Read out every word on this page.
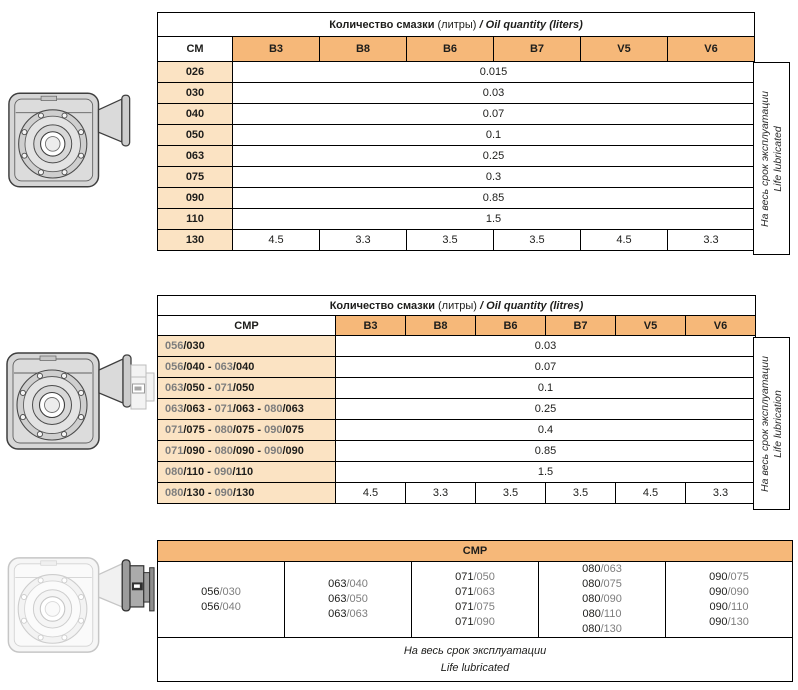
Количество смазки (литры) / Oil quantity (liters)						
CM	B3	B8	B6	B7	V5	V6
026	0.015					
030	0.03					
040	0.07					
050	0.1					
063	0.25					
075	0.3					
090	0.85					
110	1.5					
130	4.5	3.3	3.5	3.5	4.5	3.3
На весь срок эксплуатации Life lubricated
Количество смазки (литры) / Oil quantity (litres)						
CMP	B3	B8	B6	B7	V5	V6
056/030	0.03					
056/040 - 063/040	0.07					
063/050 - 071/050	0.1					
063/063 - 071/063 - 080/063	0.25					
071/075 - 080/075 - 090/075	0.4					
071/090 - 080/090 - 090/090	0.85					
080/110 - 090/110	1.5					
080/130 - 090/130	4.5	3.3	3.5	3.5	4.5	3.3
На весь срок эксплуатации Life lubrication
CMP

056/030
056/040

063/040
063/050
063/063

071/050
071/063
071/075
071/090

080/063
080/075
080/090
080/110
080/130

090/075
090/090
090/110
090/130

На весь срок эксплуатации
Life lubricated
